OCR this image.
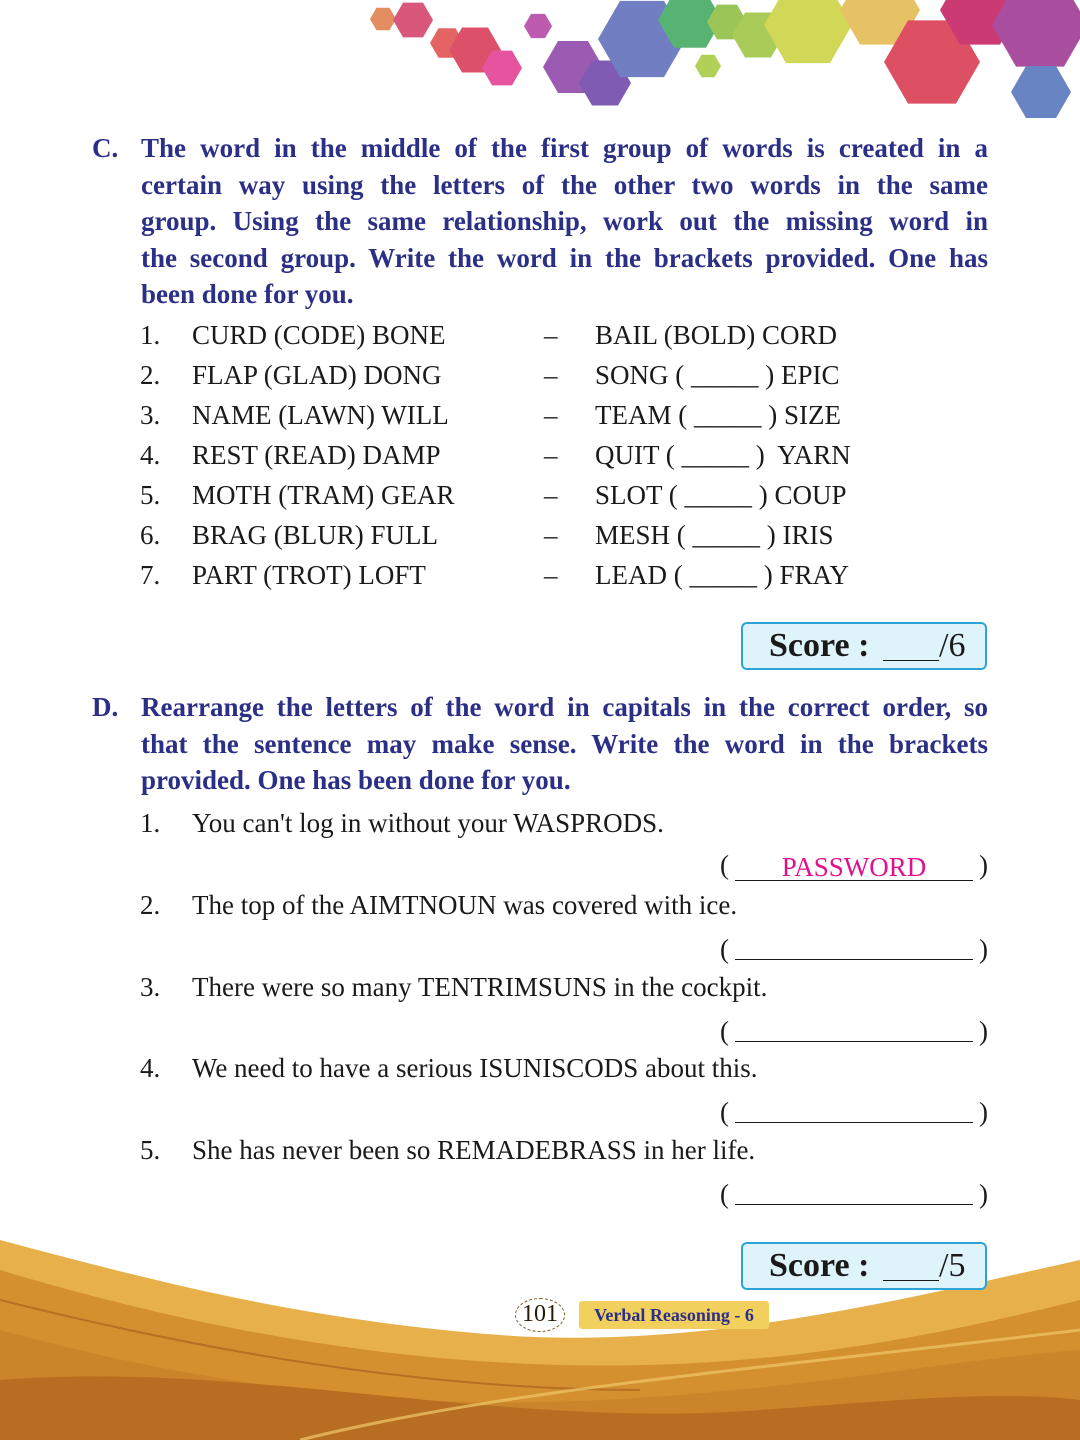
C. The word in the middle of the first group of words is created in a
certain way using the letters of the other two words in the same
group. Using the same relationship, work out the missing word in
the second group. Write the word in the brackets provided. One has
been done for you.
1. CURD (CODE) BONE	– BAIL (BOLD) CORD
2. FLAP (GLAD) DONG	– SONG ( _____ ) EPIC
3. NAME (LAWN) WILL	– TEAM ( _____ ) SIZE
4. REST (READ) DAMP	– QUIT ( _____ )  YARN
5. MOTH (TRAM) GEAR	– SLOT ( _____ ) COUP
6. BRAG (BLUR) FULL	– MESH ( _____ ) IRIS
7. PART (TROT) LOFT	– LEAD ( _____ ) FRAY
Score : /6
D. Rearrange the letters of the word in capitals in the correct order, so
that the sentence may make sense. Write the word in the brackets
provided. One has been done for you.
1. You can't log in without your WASPRODS.
( PASSWORD )
2. The top of the AIMTNOUN was covered with ice.
(	)
3. There were so many TENTRIMSUNS in the cockpit.
(	)
4. We need to have a serious ISUNISCODS about this.
(	)
5. She has never been so REMADEBRASS in her life.
(	)
Score : /5
101	Verbal Reasoning - 6
